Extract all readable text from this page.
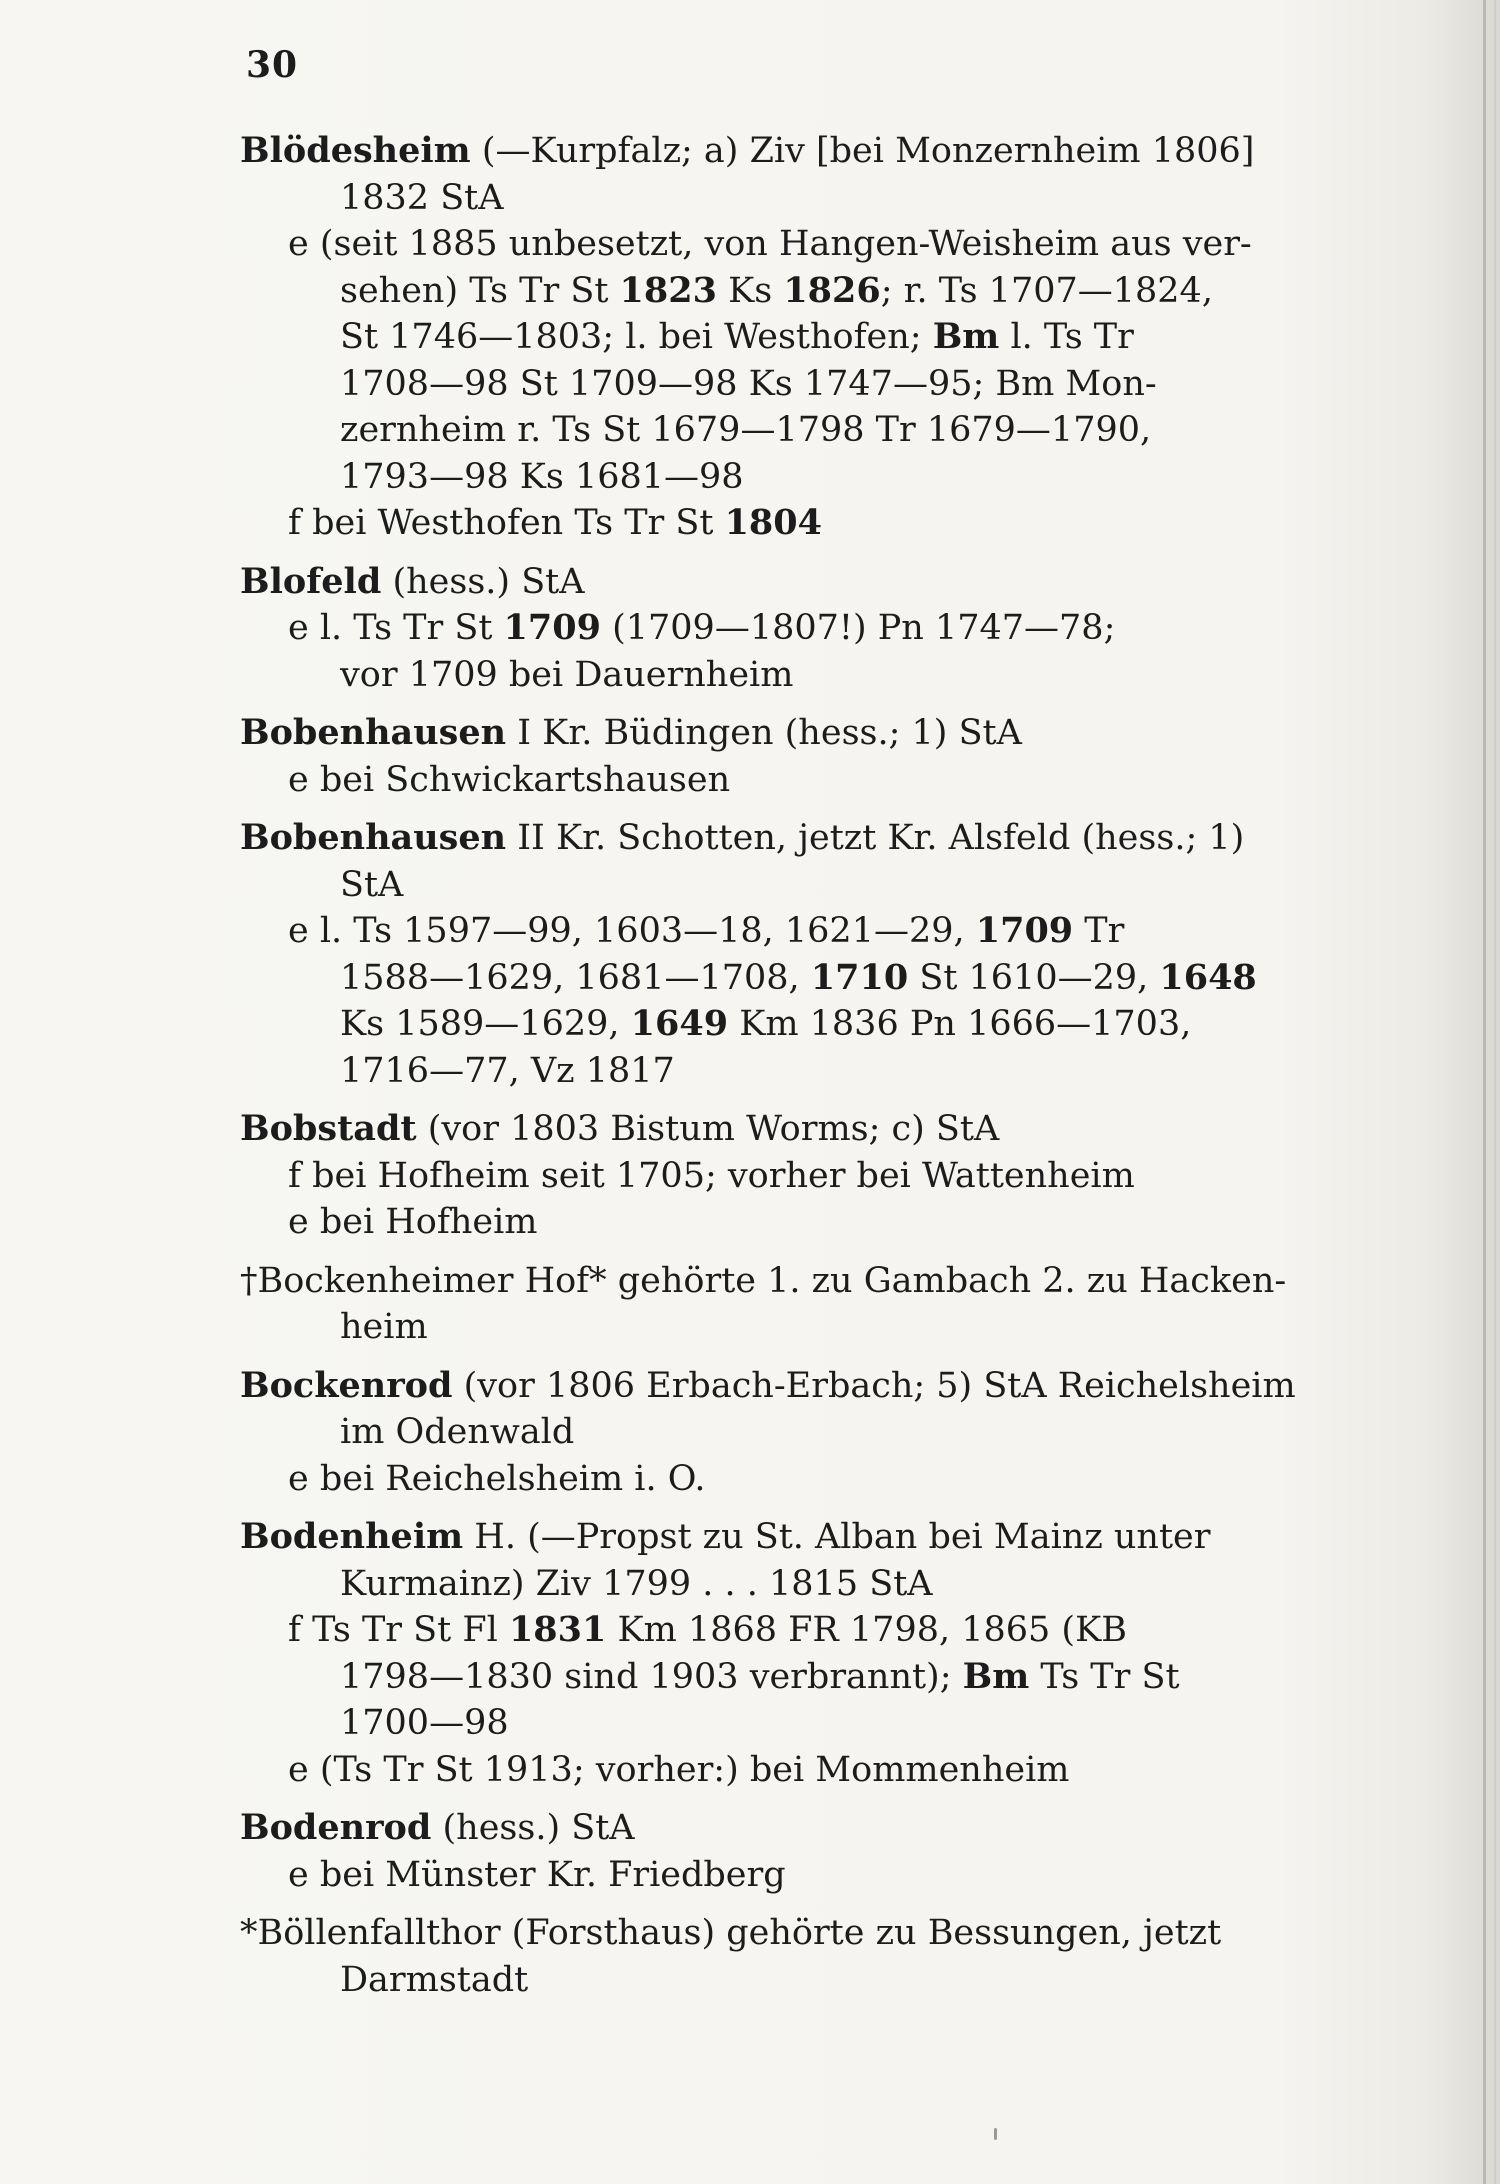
30
Blödesheim (—Kurpfalz; a) Ziv [bei Monzernheim 1806]
1832 StA
e (seit 1885 unbesetzt, von Hangen-Weisheim aus ver-
sehen) Ts Tr St 1823 Ks 1826; r. Ts 1707—1824,
St 1746—1803; l. bei Westhofen; Bm l. Ts Tr
1708—98 St 1709—98 Ks 1747—95; Bm Mon-
zernheim r. Ts St 1679—1798 Tr 1679—1790,
1793—98 Ks 1681—98
f bei Westhofen Ts Tr St 1804
Blofeld (hess.) StA
e l. Ts Tr St 1709 (1709—1807!) Pn 1747—78;
vor 1709 bei Dauernheim
Bobenhausen I Kr. Büdingen (hess.; 1) StA
e bei Schwickartshausen
Bobenhausen II Kr. Schotten, jetzt Kr. Alsfeld (hess.; 1)
StA
e l. Ts 1597—99, 1603—18, 1621—29, 1709 Tr
1588—1629, 1681—1708, 1710 St 1610—29, 1648
Ks 1589—1629, 1649 Km 1836 Pn 1666—1703,
1716—77, Vz 1817
Bobstadt (vor 1803 Bistum Worms; c) StA
f bei Hofheim seit 1705; vorher bei Wattenheim
e bei Hofheim
†Bockenheimer Hof* gehörte 1. zu Gambach 2. zu Hacken-
heim
Bockenrod (vor 1806 Erbach-Erbach; 5) StA Reichelsheim
im Odenwald
e bei Reichelsheim i. O.
Bodenheim H. (—Propst zu St. Alban bei Mainz unter
Kurmainz) Ziv 1799 . . . 1815 StA
f Ts Tr St Fl 1831 Km 1868 FR 1798, 1865 (KB
1798—1830 sind 1903 verbrannt); Bm Ts Tr St
1700—98
e (Ts Tr St 1913; vorher:) bei Mommenheim
Bodenrod (hess.) StA
e bei Münster Kr. Friedberg
*Böllenfallthor (Forsthaus) gehörte zu Bessungen, jetzt
Darmstadt
